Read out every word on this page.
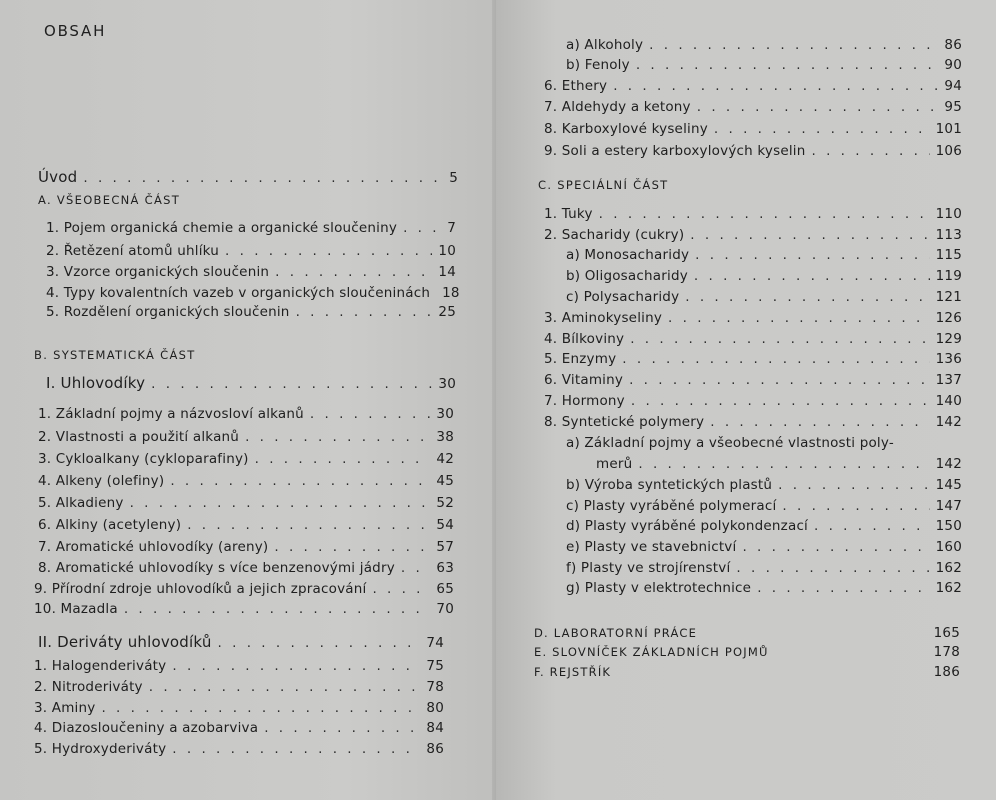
OBSAH
Úvod . . .	5
A. VŠEOBECNÁ ČÁST
1. Pojem organická chemie a organické sloučeniny . . .	7
2. Řetězení atomů uhlíku . . .	10
3. Vzorce organických sloučenin . . .	14
4. Typy kovalentních vazeb v organických sloučeninách 18
5. Rozdělení organických sloučenin . . .	25
B. SYSTEMATICKÁ ČÁST
I. Uhlovodíky . . .	30
1. Základní pojmy a názvosloví alkanů . . .	30
2. Vlastnosti a použití alkanů . . .	38
3. Cykloalkany (cykloparafiny) . . .	42
4. Alkeny (olefiny) . . .	45
5. Alkadieny . . .	52
6. Alkiny (acetyleny) . . .	54
7. Aromatické uhlovodíky (areny) . . .	57
8. Aromatické uhlovodíky s více benzenovými jádry . . .	63
9. Přírodní zdroje uhlovodíků a jejich zpracování . . .	65
10. Mazadla . . .	70
II. Deriváty uhlovodíků . . .	74
1. Halogenderiváty . . .	75
2. Nitroderiváty . . .	78
3. Aminy . . .	80
4. Diazosloučeniny a azobarviva . . .	84
5. Hydroxyderiváty . . .	86
a) Alkoholy . . .	86
b) Fenoly . . .	90
6. Ethery . . .	94
7. Aldehydy a ketony . . .	95
8. Karboxylové kyseliny . . .	101
9. Soli a estery karboxylových kyselin . . .	106
C. SPECIÁLNÍ ČÁST
1. Tuky . . .	110
2. Sacharidy (cukry) . . .	113
a) Monosacharidy . . .	115
b) Oligosacharidy . . .	119
c) Polysacharidy . . .	121
3. Aminokyseliny . . .	126
4. Bílkoviny . . .	129
5. Enzymy . . .	136
6. Vitaminy . . .	137
7. Hormony . . .	140
8. Syntetické polymery . . .	142
a) Základní pojmy a všeobecné vlastnosti poly-
merů . . .	142
b) Výroba syntetických plastů . . .	145
c) Plasty vyráběné polymerací . . .	147
d) Plasty vyráběné polykondenzací . . .	150
e) Plasty ve stavebnictví . . .	160
f) Plasty ve strojírenství . . .	162
g) Plasty v elektrotechnice . . .	162
D. LABORATORNÍ PRÁCE	165
E. SLOVNÍČEK ZÁKLADNÍCH POJMŮ	178
F. REJSTŘÍK	186
